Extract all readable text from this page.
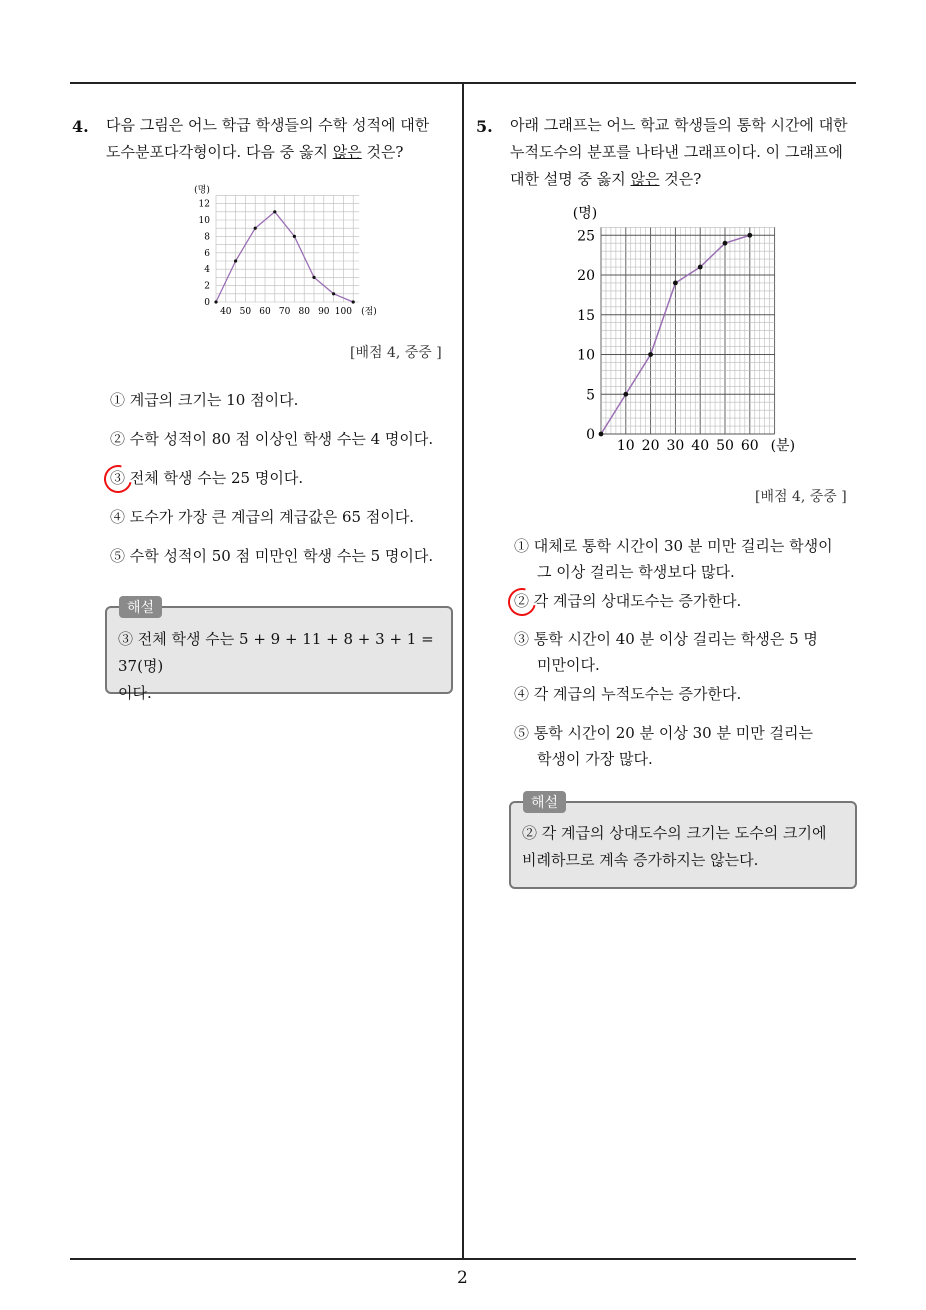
4. 다음 그림은 어느 학급 학생들의 수학 성적에 대한
도수분포다각형이다. 다음 중 옳지 않은 것은?
0
2
4
6
8
10
12
40 50 60 70 80 90 100
(명)
(점)
[배점 4, 중중 ]
① 계급의 크기는 10 점이다.
② 수학 성적이 80 점 이상인 학생 수는 4 명이다.
③ 전체 학생 수는 25 명이다.
④ 도수가 가장 큰 계급의 계급값은 65 점이다.
⑤ 수학 성적이 50 점 미만인 학생 수는 5 명이다.
해설
③ 전체 학생 수는 5 + 9 + 11 + 8 + 3 + 1 = 37(명)
이다.
5. 아래 그래프는 어느 학교 학생들의 통학 시간에 대한
누적도수의 분포를 나타낸 그래프이다. 이 그래프에
대한 설명 중 옳지 않은 것은?
0
5
10
15
20
25
10 20 30 40 50 60
(명)
(분)
[배점 4, 중중 ]
① 대체로 통학 시간이 30 분 미만 걸리는 학생이
그 이상 걸리는 학생보다 많다.
② 각 계급의 상대도수는 증가한다.
③ 통학 시간이 40 분 이상 걸리는 학생은 5 명
미만이다.
④ 각 계급의 누적도수는 증가한다.
⑤ 통학 시간이 20 분 이상 30 분 미만 걸리는
학생이 가장 많다.
해설
② 각 계급의 상대도수의 크기는 도수의 크기에
비례하므로 계속 증가하지는 않는다.
2
